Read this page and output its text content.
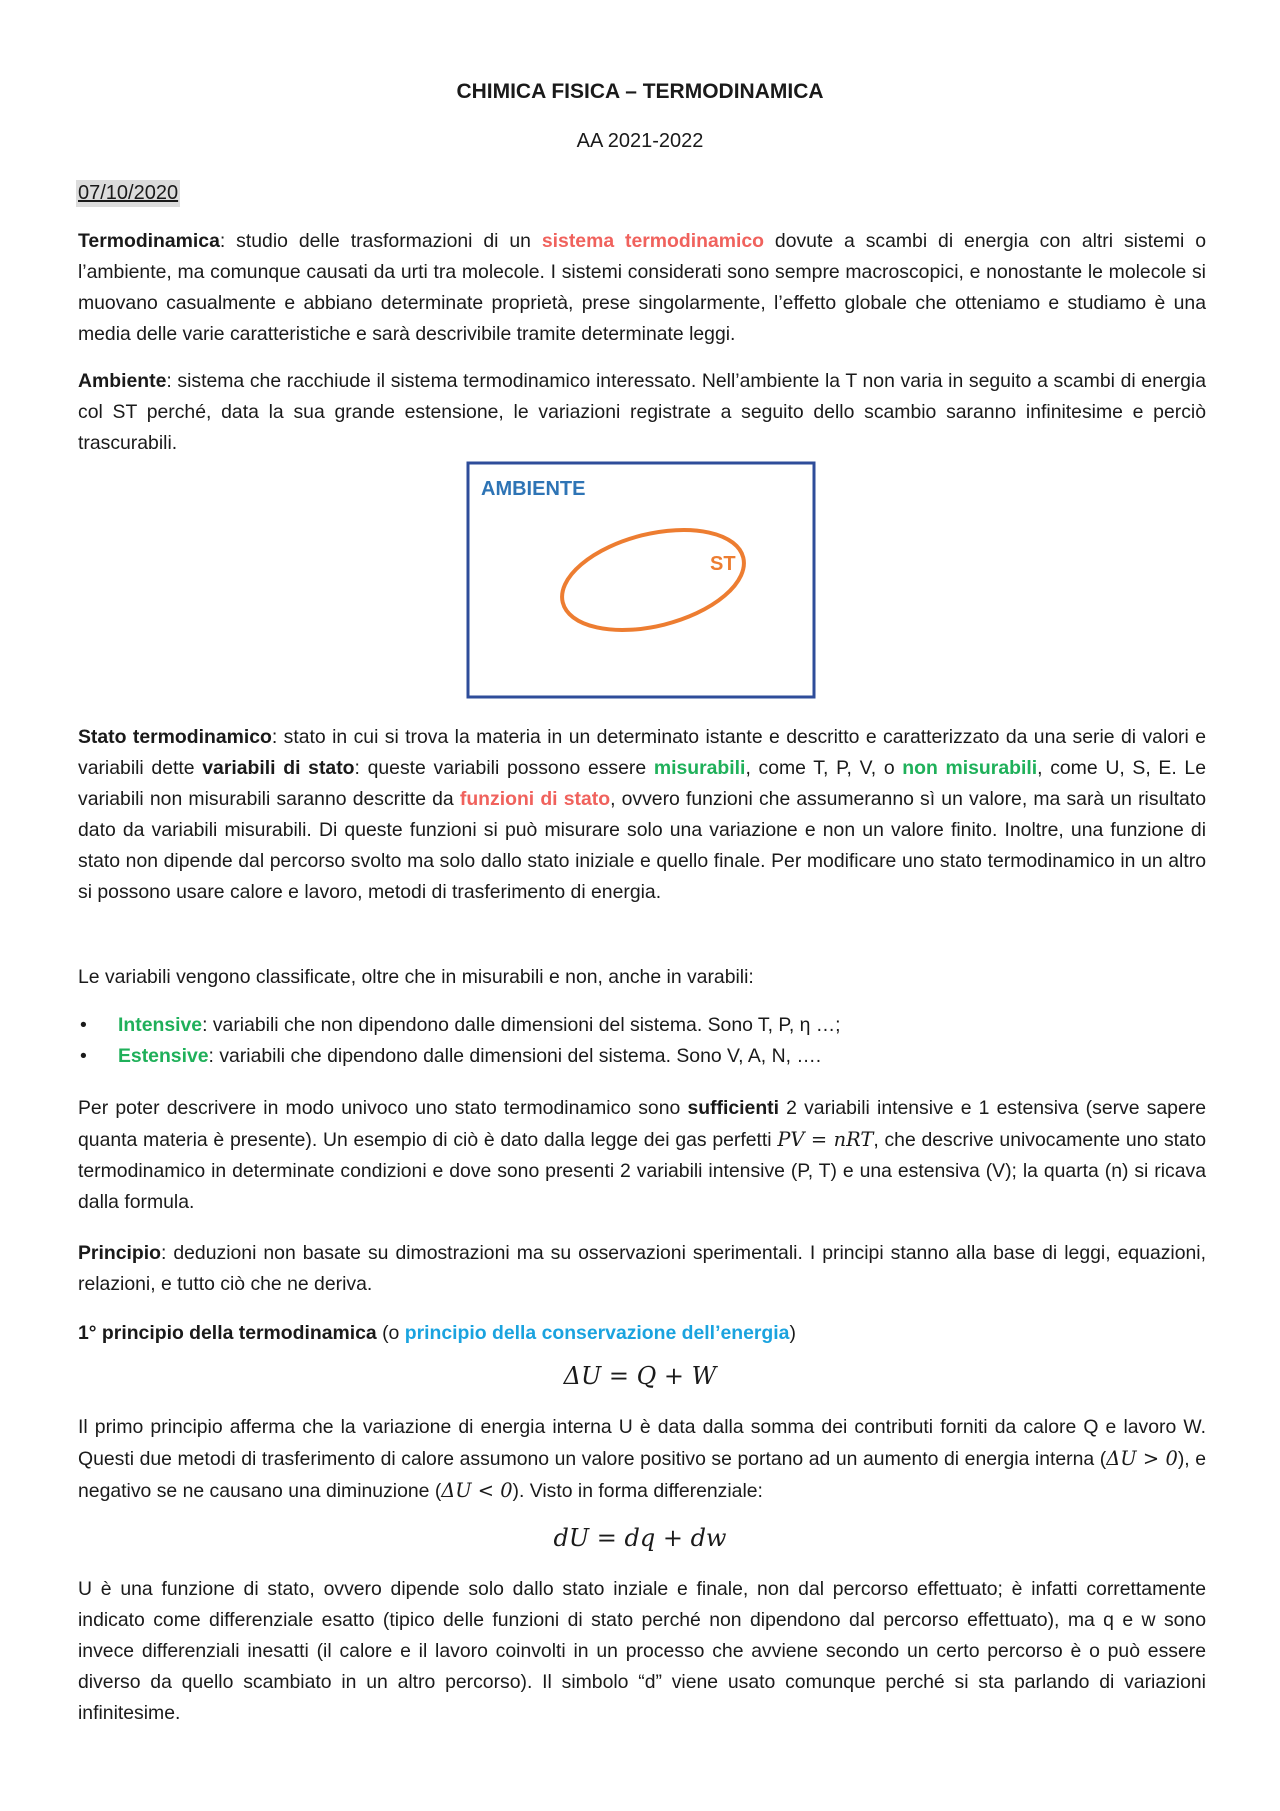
CHIMICA FISICA – TERMODINAMICA
AA 2021-2022
07/10/2020

Termodinamica: studio delle trasformazioni di un sistema termodinamico dovute a scambi di energia con altri sistemi o l’ambiente, ma comunque causati da urti tra molecole. I sistemi considerati sono sempre macroscopici, e nonostante le molecole si muovano casualmente e abbiano determinate proprietà, prese singolarmente, l’effetto globale che otteniamo e studiamo è una media delle varie caratteristiche e sarà descrivibile tramite determinate leggi.

Ambiente: sistema che racchiude il sistema termodinamico interessato. Nell’ambiente la T non varia in seguito a scambi di energia col ST perché, data la sua grande estensione, le variazioni registrate a seguito dello scambio saranno infinitesime e perciò trascurabili.

AMBIENTE
ST

Stato termodinamico: stato in cui si trova la materia in un determinato istante e descritto e caratterizzato da una serie di valori e variabili dette variabili di stato: queste variabili possono essere misurabili, come T, P, V, o non misurabili, come U, S, E. Le variabili non misurabili saranno descritte da funzioni di stato, ovvero funzioni che assumeranno sì un valore, ma sarà un risultato dato da variabili misurabili. Di queste funzioni si può misurare solo una variazione e non un valore finito. Inoltre, una funzione di stato non dipende dal percorso svolto ma solo dallo stato iniziale e quello finale. Per modificare uno stato termodinamico in un altro si possono usare calore e lavoro, metodi di trasferimento di energia.

Le variabili vengono classificate, oltre che in misurabili e non, anche in varabili:

• Intensive: variabili che non dipendono dalle dimensioni del sistema. Sono T, P, η …;
• Estensive: variabili che dipendono dalle dimensioni del sistema. Sono V, A, N, ….

Per poter descrivere in modo univoco uno stato termodinamico sono sufficienti 2 variabili intensive e 1 estensiva (serve sapere quanta materia è presente). Un esempio di ciò è dato dalla legge dei gas perfetti PV = nRT, che descrive univocamente uno stato termodinamico in determinate condizioni e dove sono presenti 2 variabili intensive (P, T) e una estensiva (V); la quarta (n) si ricava dalla formula.

Principio: deduzioni non basate su dimostrazioni ma su osservazioni sperimentali. I principi stanno alla base di leggi, equazioni, relazioni, e tutto ciò che ne deriva.

1° principio della termodinamica (o principio della conservazione dell’energia)

ΔU = Q + W

Il primo principio afferma che la variazione di energia interna U è data dalla somma dei contributi forniti da calore Q e lavoro W. Questi due metodi di trasferimento di calore assumono un valore positivo se portano ad un aumento di energia interna (ΔU > 0), e negativo se ne causano una diminuzione (ΔU < 0). Visto in forma differenziale:

dU = dq + dw

U è una funzione di stato, ovvero dipende solo dallo stato inziale e finale, non dal percorso effettuato; è infatti correttamente indicato come differenziale esatto (tipico delle funzioni di stato perché non dipendono dal percorso effettuato), ma q e w sono invece differenziali inesatti (il calore e il lavoro coinvolti in un processo che avviene secondo un certo percorso è o può essere diverso da quello scambiato in un altro percorso). Il simbolo “d” viene usato comunque perché si sta parlando di variazioni infinitesime.
